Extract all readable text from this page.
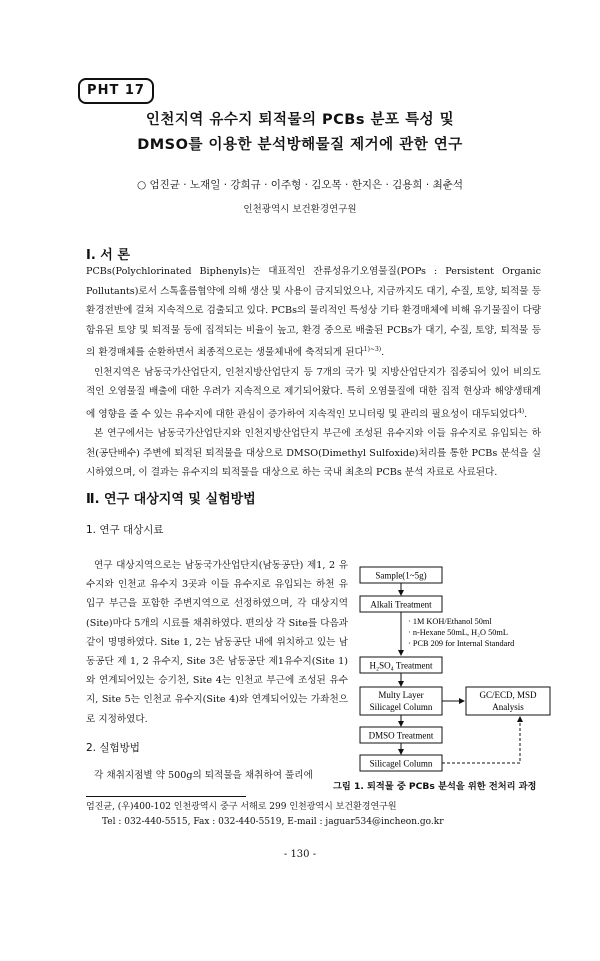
PHT 17
인천지역 유수지 퇴적물의 PCBs 분포 특성 및
DMSO를 이용한 분석방해물질 제거에 관한 연구
○ 엄진균 · 노재일 · 강희규 · 이주형 · 김오목 · 한지은 · 김용희 · 최춘석
인천광역시 보건환경연구원
Ⅰ. 서 론

PCBs(Polychlorinated Biphenyls)는 대표적인 잔류성유기오염물질(POPs : Persistent Organic Pollutants)로서 스톡홀름협약에 의해 생산 및 사용이 금지되었으나, 지금까지도 대기, 수질, 토양, 퇴적물 등 환경전반에 걸쳐 지속적으로 검출되고 있다. PCBs의 물리적인 특성상 기타 환경매체에 비해 유기물질이 다량 함유된 토양 및 퇴적물 등에 집적되는 비율이 높고, 환경 중으로 배출된 PCBs가 대기, 수질, 토양, 퇴적물 등의 환경매체를 순환하면서 최종적으로는 생물체내에 축적되게 된다$^{1)\sim 3)}$.

인천지역은 남동국가산업단지, 인천지방산업단지 등 7개의 국가 및 지방산업단지가 집중되어 있어 비의도적인 오염물질 배출에 대한 우려가 지속적으로 제기되어왔다. 특히 오염물질에 대한 집적 현상과 해양생태계에 영향을 줄 수 있는 유수지에 대한 관심이 증가하여 지속적인 모니터링 및 관리의 필요성이 대두되었다$^{4)}$.

본 연구에서는 남동국가산업단지와 인천지방산업단지 부근에 조성된 유수지와 이들 유수지로 유입되는 하천(공단배수) 주변에 퇴적된 퇴적물을 대상으로 DMSO(Dimethyl Sulfoxide)처리를 통한 PCBs 분석을 실시하였으며, 이 결과는 유수지의 퇴적물을 대상으로 하는 국내 최초의 PCBs 분석 자료로 사료된다.

Ⅱ. 연구 대상지역 및 실험방법
1. 연구 대상시료

연구 대상지역으로는 남동국가산업단지(남동공단) 제1, 2 유수지와 인천교 유수지 3곳과 이들 유수지로 유입되는 하천 유입구 부근을 포함한 주변지역으로 선정하였으며, 각 대상지역(Site)마다 5개의 시료를 채취하였다. 편의상 각 Site를 다음과 같이 명명하였다. Site 1, 2는 남동공단 내에 위치하고 있는 남동공단 제 1, 2 유수지, Site 3은 남동공단 제1유수지(Site 1)와 연계되어있는 승기천, Site 4는 인천교 부근에 조성된 유수지, Site 5는 인천교 유수지(Site 4)와 연계되어있는 가좌천으로 지정하였다.

2. 실험방법

각 채취지점별 약 500g의 퇴적물을 채취하여 풀리에

Sample(1~5g)
Alkali Treatment
· 1M KOH/Ethanol 50ml
· n-Hexane 50mL, H₂O 50mL
· PCB 209 for Internal Standard
H₂SO₄ Treatment
Multy Layer
Silicagel Column
GC/ECD, MSD
Analysis
DMSO Treatment
Silicagel Column
그림 1. 퇴적물 중 PCBs 분석을 위한 전처리 과정
엄진균, (우)400-102 인천광역시 중구 서해로 299 인천광역시 보건환경연구원
Tel : 032-440-5515, Fax : 032-440-5519, E-mail : jaguar534@incheon.go.kr
- 130 -
